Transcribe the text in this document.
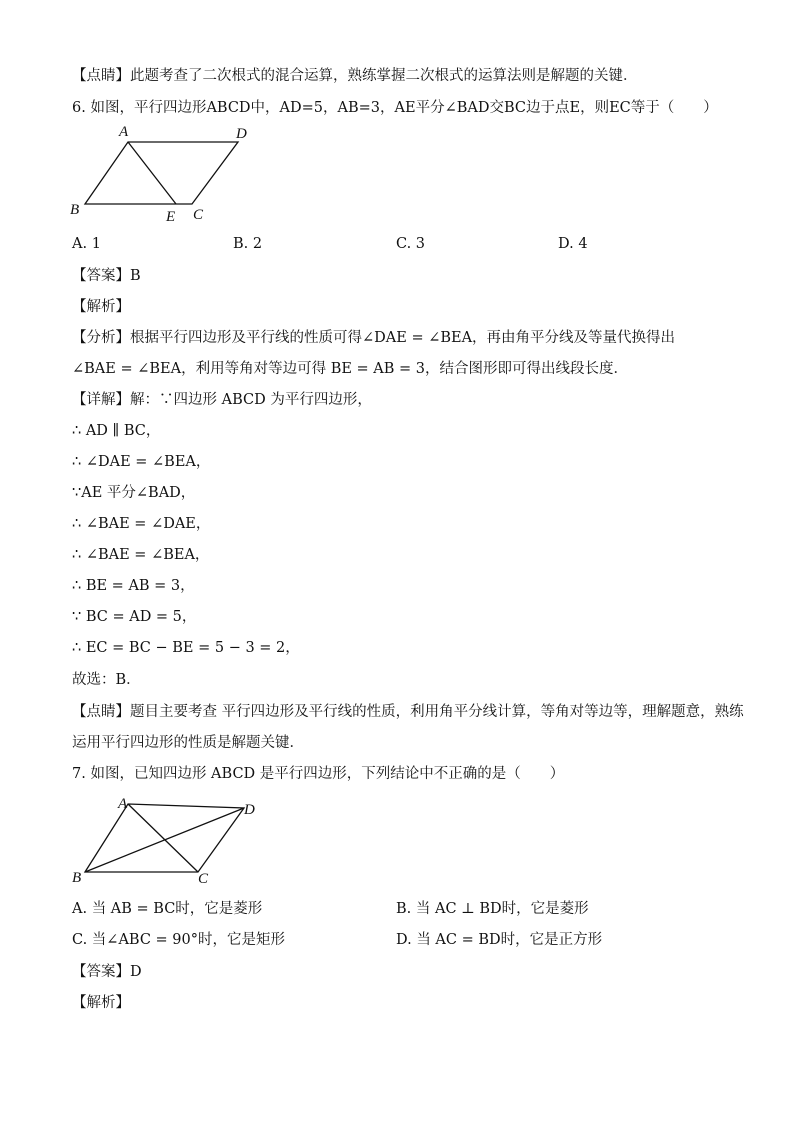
【点睛】此题考查了二次根式的混合运算，熟练掌握二次根式的运算法则是解题的关键．
6. 如图，平行四边形ABCD中，AD=5，AB=3，AE平分∠BAD交BC边于点E，则EC等于（　　）
A	D
B	E C
A. 1	B. 2	C. 3	D. 4
【答案】B
【解析】
【分析】根据平行四边形及平行线的性质可得∠DAE = ∠BEA，再由角平分线及等量代换得出
∠BAE = ∠BEA，利用等角对等边可得 BE = AB = 3，结合图形即可得出线段长度．
【详解】解：∵四边形 ABCD 为平行四边形，
∴ AD ∥ BC，
∴ ∠DAE = ∠BEA，
∵AE 平分∠BAD，
∴ ∠BAE = ∠DAE，
∴ ∠BAE = ∠BEA，
∴ BE = AB = 3，
∵ BC = AD = 5，
∴ EC = BC − BE = 5 − 3 = 2，
故选：B．
【点睛】题目主要考查 平行四边形及平行线的性质，利用角平分线计算，等角对等边等，理解题意，熟练
运用平行四边形的性质是解题关键．
7. 如图，已知四边形 ABCD 是平行四边形，下列结论中不正确的是（　　）
A	D
B	C
A. 当 AB = BC时，它是菱形	B. 当 AC ⊥ BD时，它是菱形
C. 当∠ABC = 90°时，它是矩形	D. 当 AC = BD时，它是正方形
【答案】D
【解析】
